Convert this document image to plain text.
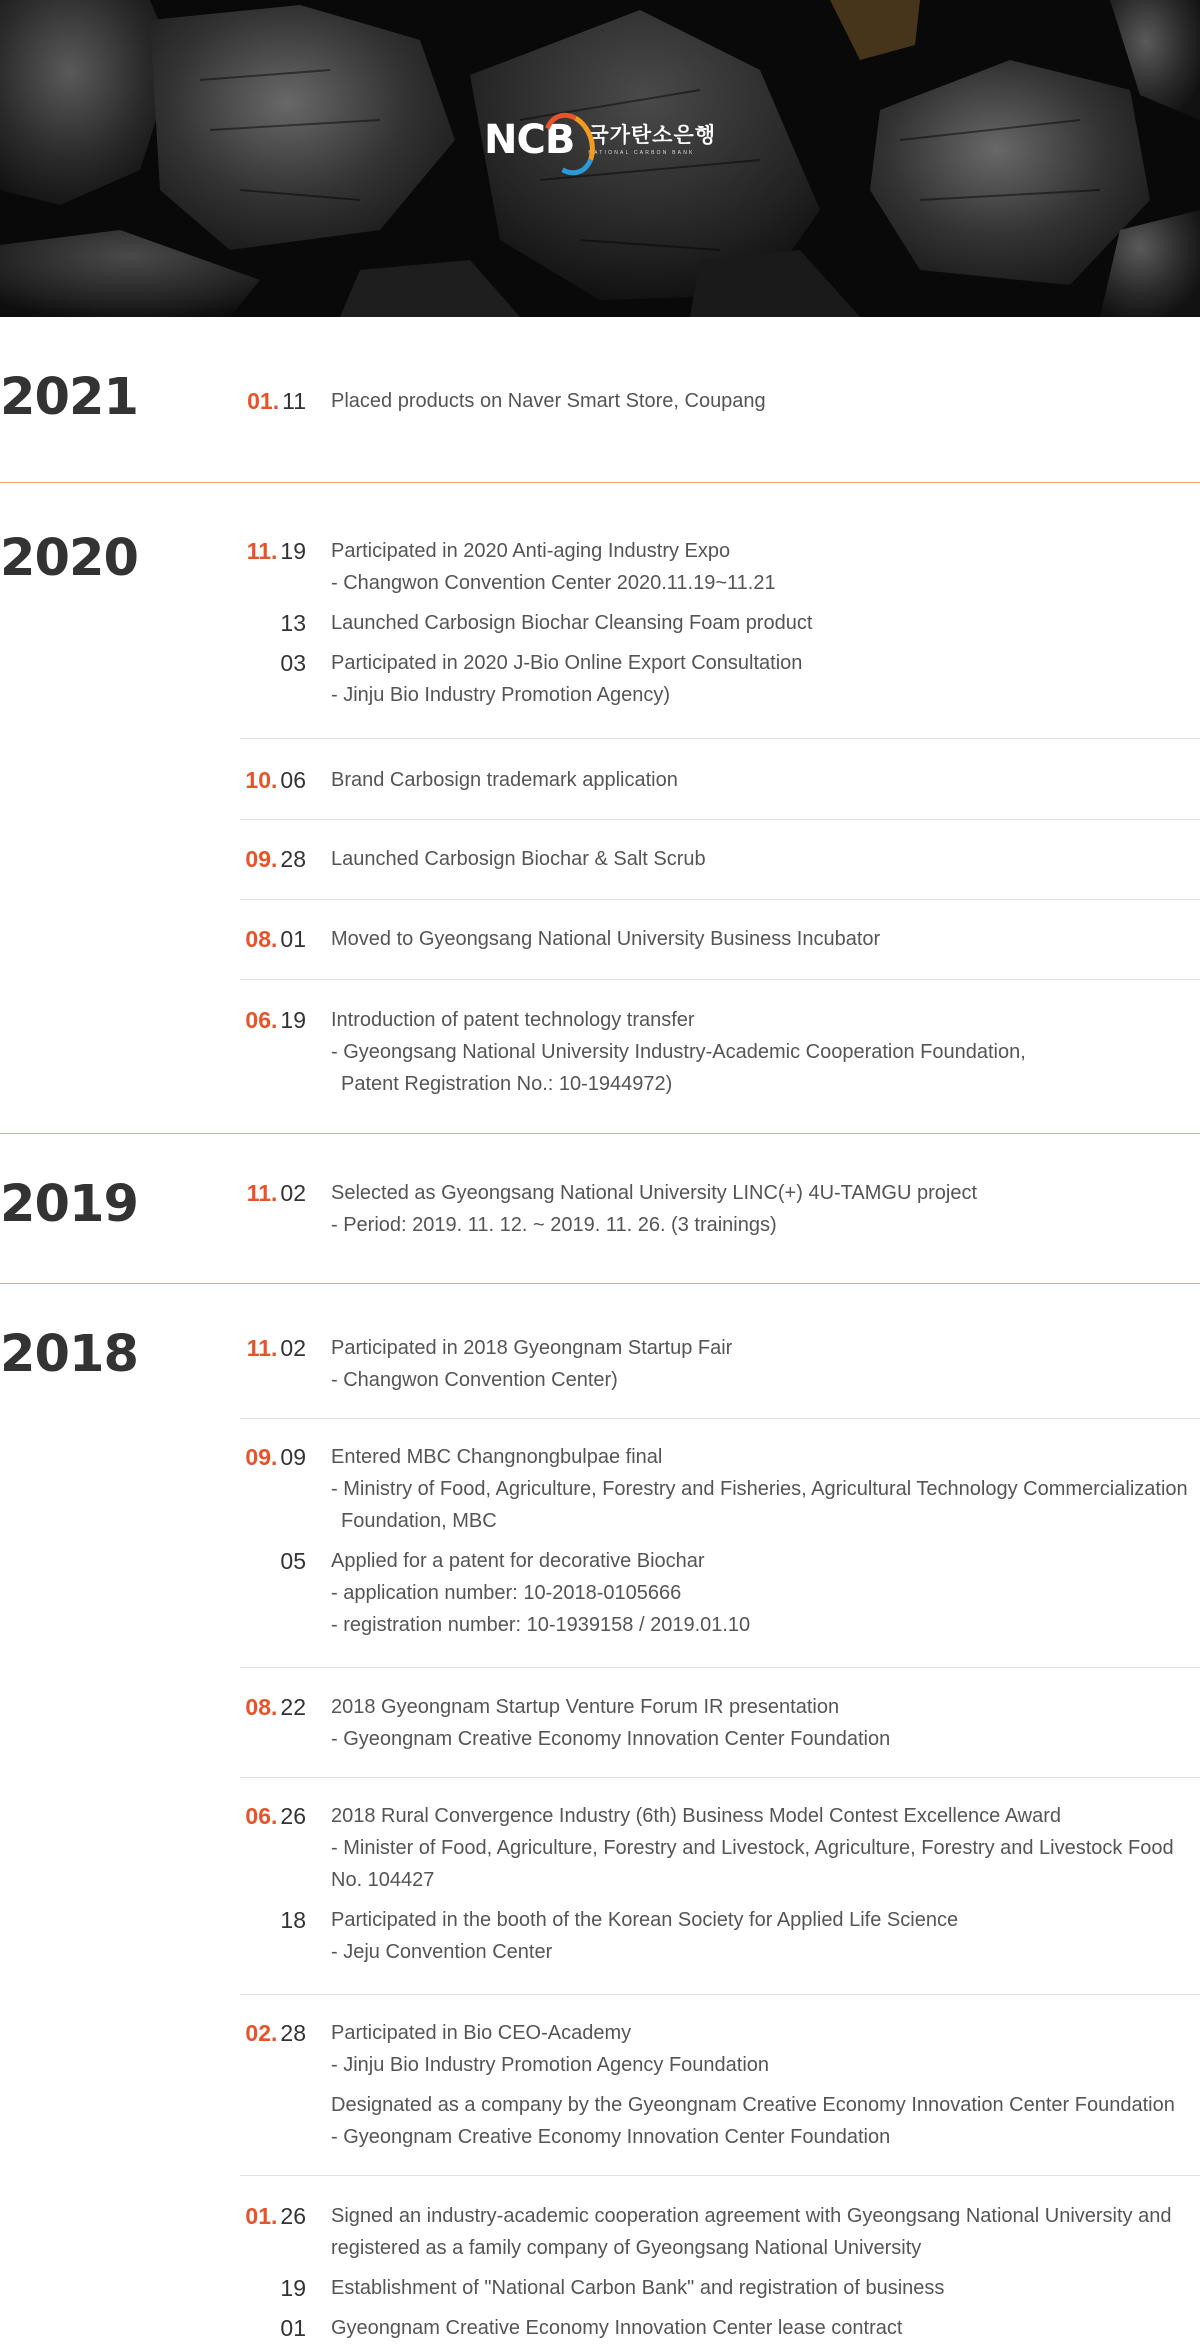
NCB 국가탄소은행
NATIONAL CARBON BANK
2021	01. 11 Placed products on Naver Smart Store, Coupang
2020	11. 19 Participated in 2020 Anti-aging Industry Expo
- Changwon Convention Center 2020.11.19~11.21
13 Launched Carbosign Biochar Cleansing Foam product
03 Participated in 2020 J-Bio Online Export Consultation
- Jinju Bio Industry Promotion Agency)
10. 06 Brand Carbosign trademark application
09. 28 Launched Carbosign Biochar & Salt Scrub
08. 01 Moved to Gyeongsang National University Business Incubator
06. 19 Introduction of patent technology transfer
- Gyeongsang National University Industry-Academic Cooperation Foundation,
Patent Registration No.: 10-1944972)
2019	11. 02 Selected as Gyeongsang National University LINC(+) 4U-TAMGU project
- Period: 2019. 11. 12. ~ 2019. 11. 26. (3 trainings)
2018	11. 02 Participated in 2018 Gyeongnam Startup Fair
- Changwon Convention Center)
09. 09 Entered MBC Changnongbulpae final
- Ministry of Food, Agriculture, Forestry and Fisheries, Agricultural Technology Commercialization
Foundation, MBC
05 Applied for a patent for decorative Biochar
- application number: 10-2018-0105666
- registration number: 10-1939158 / 2019.01.10
08. 22 2018 Gyeongnam Startup Venture Forum IR presentation
- Gyeongnam Creative Economy Innovation Center Foundation
06. 26 2018 Rural Convergence Industry (6th) Business Model Contest Excellence Award
- Minister of Food, Agriculture, Forestry and Livestock, Agriculture, Forestry and Livestock Food
No. 104427
18 Participated in the booth of the Korean Society for Applied Life Science
- Jeju Convention Center
02. 28 Participated in Bio CEO-Academy
- Jinju Bio Industry Promotion Agency Foundation
Designated as a company by the Gyeongnam Creative Economy Innovation Center Foundation
- Gyeongnam Creative Economy Innovation Center Foundation
01. 26 Signed an industry-academic cooperation agreement with Gyeongsang National University and
registered as a family company of Gyeongsang National University
19 Establishment of "National Carbon Bank" and registration of business
01 Gyeongnam Creative Economy Innovation Center lease contract
